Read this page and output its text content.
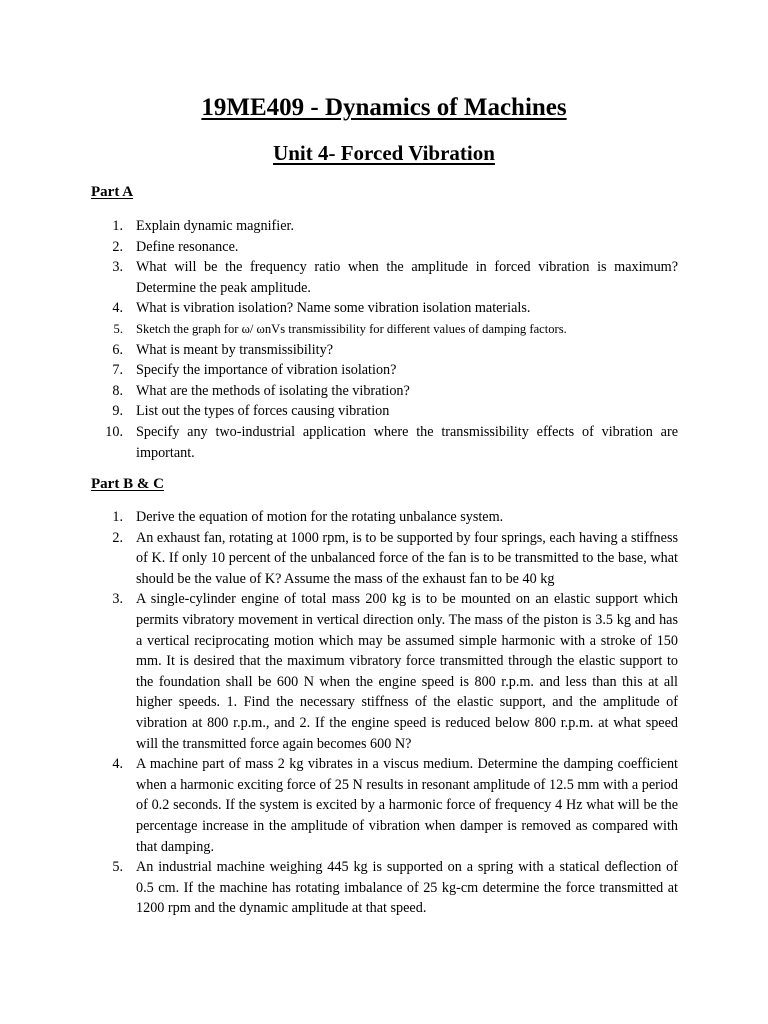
19ME409 - Dynamics of Machines
Unit 4- Forced Vibration
Part A
1. Explain dynamic magnifier.
2. Define resonance.
3. What will be the frequency ratio when the amplitude in forced vibration is maximum? Determine the peak amplitude.
4. What is vibration isolation? Name some vibration isolation materials.
5. Sketch the graph for ω/ ωnVs transmissibility for different values of damping factors.
6. What is meant by transmissibility?
7. Specify the importance of vibration isolation?
8. What are the methods of isolating the vibration?
9. List out the types of forces causing vibration
10. Specify any two-industrial application where the transmissibility effects of vibration are important.
Part B & C
1. Derive the equation of motion for the rotating unbalance system.
2. An exhaust fan, rotating at 1000 rpm, is to be supported by four springs, each having a stiffness of K. If only 10 percent of the unbalanced force of the fan is to be transmitted to the base, what should be the value of K? Assume the mass of the exhaust fan to be 40 kg
3. A single-cylinder engine of total mass 200 kg is to be mounted on an elastic support which permits vibratory movement in vertical direction only. The mass of the piston is 3.5 kg and has a vertical reciprocating motion which may be assumed simple harmonic with a stroke of 150 mm. It is desired that the maximum vibratory force transmitted through the elastic support to the foundation shall be 600 N when the engine speed is 800 r.p.m. and less than this at all higher speeds. 1. Find the necessary stiffness of the elastic support, and the amplitude of vibration at 800 r.p.m., and 2. If the engine speed is reduced below 800 r.p.m. at what speed will the transmitted force again becomes 600 N?
4. A machine part of mass 2 kg vibrates in a viscus medium. Determine the damping coefficient when a harmonic exciting force of 25 N results in resonant amplitude of 12.5 mm with a period of 0.2 seconds. If the system is excited by a harmonic force of frequency 4 Hz what will be the percentage increase in the amplitude of vibration when damper is removed as compared with that damping.
5. An industrial machine weighing 445 kg is supported on a spring with a statical deflection of 0.5 cm. If the machine has rotating imbalance of 25 kg-cm determine the force transmitted at 1200 rpm and the dynamic amplitude at that speed.
